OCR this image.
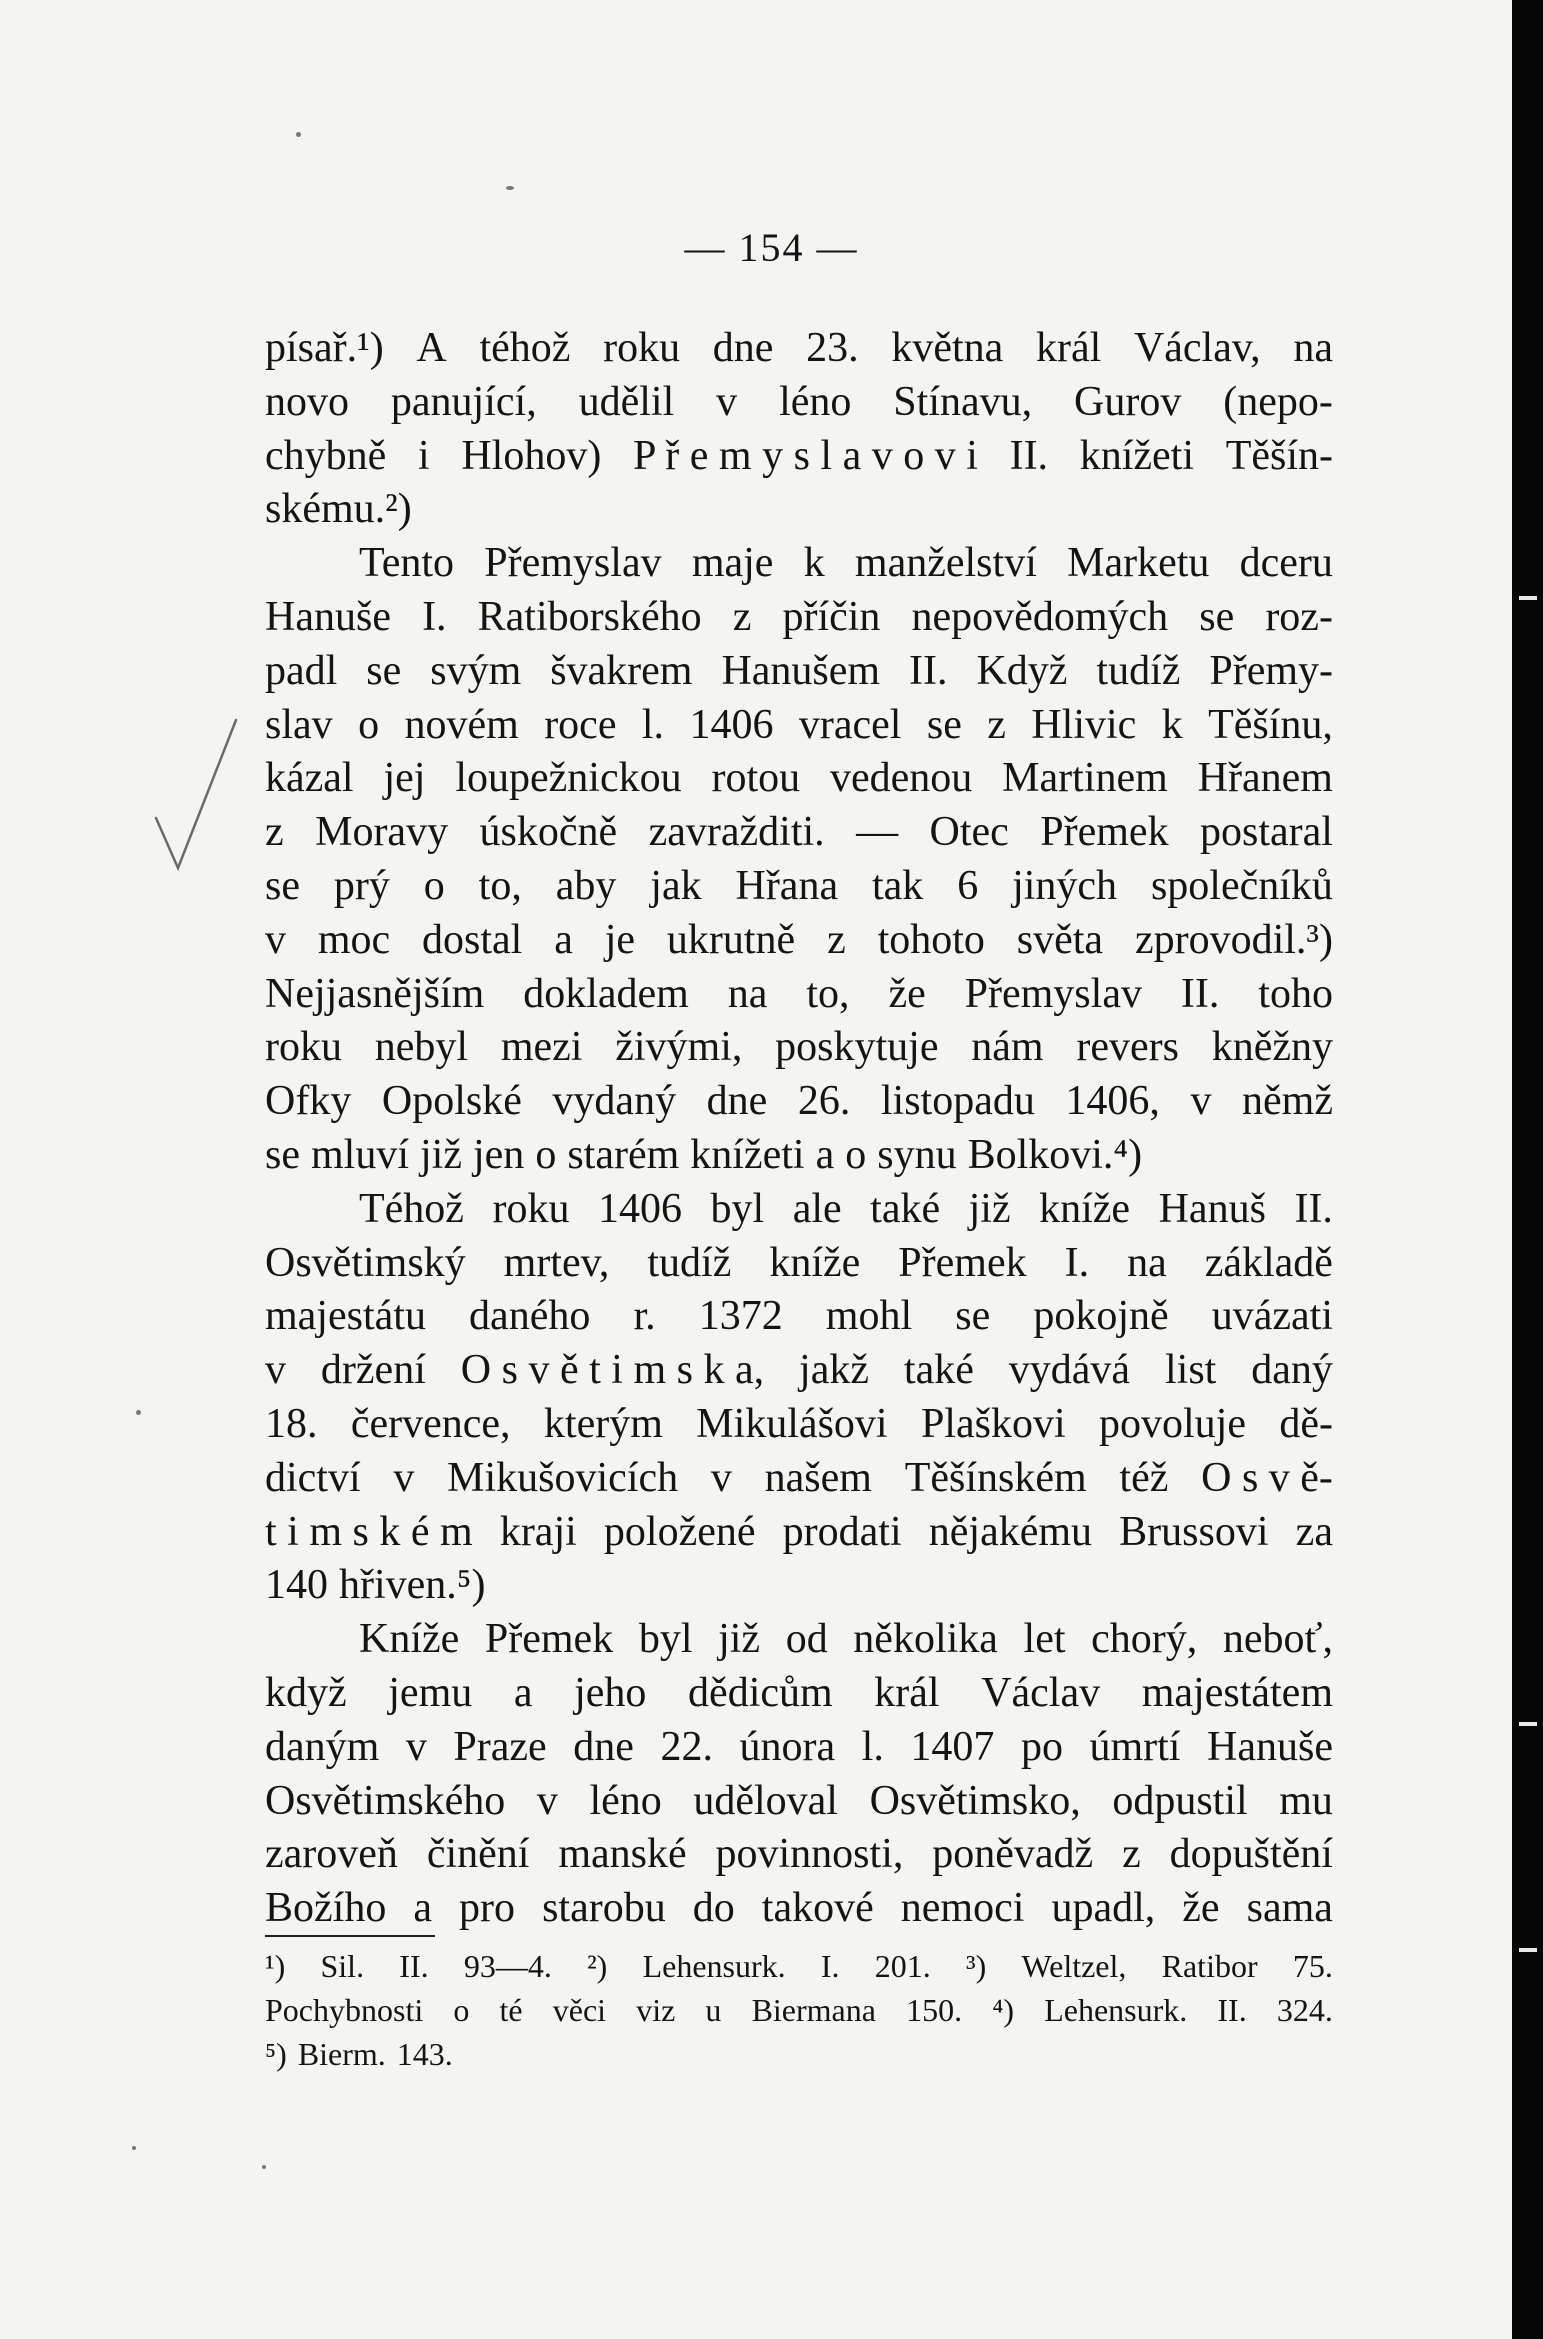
— 154 —
písař.¹) A téhož roku dne 23. května král Václav, na
novo panující, udělil v léno Stínavu, Gurov (nepo-
chybně i Hlohov) P ř e m y s l a v o v i II. knížeti Těšín-
skému.²)
Tento Přemyslav maje k manželství Marketu dceru
Hanuše I. Ratiborského z příčin nepovědomých se roz-
padl se svým švakrem Hanušem II. Když tudíž Přemy-
slav o novém roce l. 1406 vracel se z Hlivic k Těšínu,
kázal jej loupežnickou rotou vedenou Martinem Hřanem
z Moravy úskočně zavražditi. — Otec Přemek postaral
se prý o to, aby jak Hřana tak 6 jiných společníků
v moc dostal a je ukrutně z tohoto světa zprovodil.³)
Nejjasnějším dokladem na to, že Přemyslav II. toho
roku nebyl mezi živými, poskytuje nám revers kněžny
Ofky Opolské vydaný dne 26. listopadu 1406, v němž
se mluví již jen o starém knížeti a o synu Bolkovi.⁴)
Téhož roku 1406 byl ale také již kníže Hanuš II.
Osvětimský mrtev, tudíž kníže Přemek I. na základě
majestátu daného r. 1372 mohl se pokojně uvázati
v držení O s v ě t i m s k a, jakž také vydává list daný
18. července, kterým Mikulášovi Plaškovi povoluje dě-
dictví v Mikušovicích v našem Těšínském též O s v ě-
t i m s k é m kraji položené prodati nějakému Brussovi za
140 hřiven.⁵)
Kníže Přemek byl již od několika let chorý, neboť,
když jemu a jeho dědicům král Václav majestátem
daným v Praze dne 22. února l. 1407 po úmrtí Hanuše
Osvětimského v léno uděloval Osvětimsko, odpustil mu
zaroveň činění manské povinnosti, poněvadž z dopuštění
Božího a pro starobu do takové nemoci upadl, že sama
¹) Sil. II. 93—4. ²) Lehensurk. I. 201. ³) Weltzel, Ratibor 75.
Pochybnosti o té věci viz u Biermana 150. ⁴) Lehensurk. II. 324.
⁵) Bierm. 143.
